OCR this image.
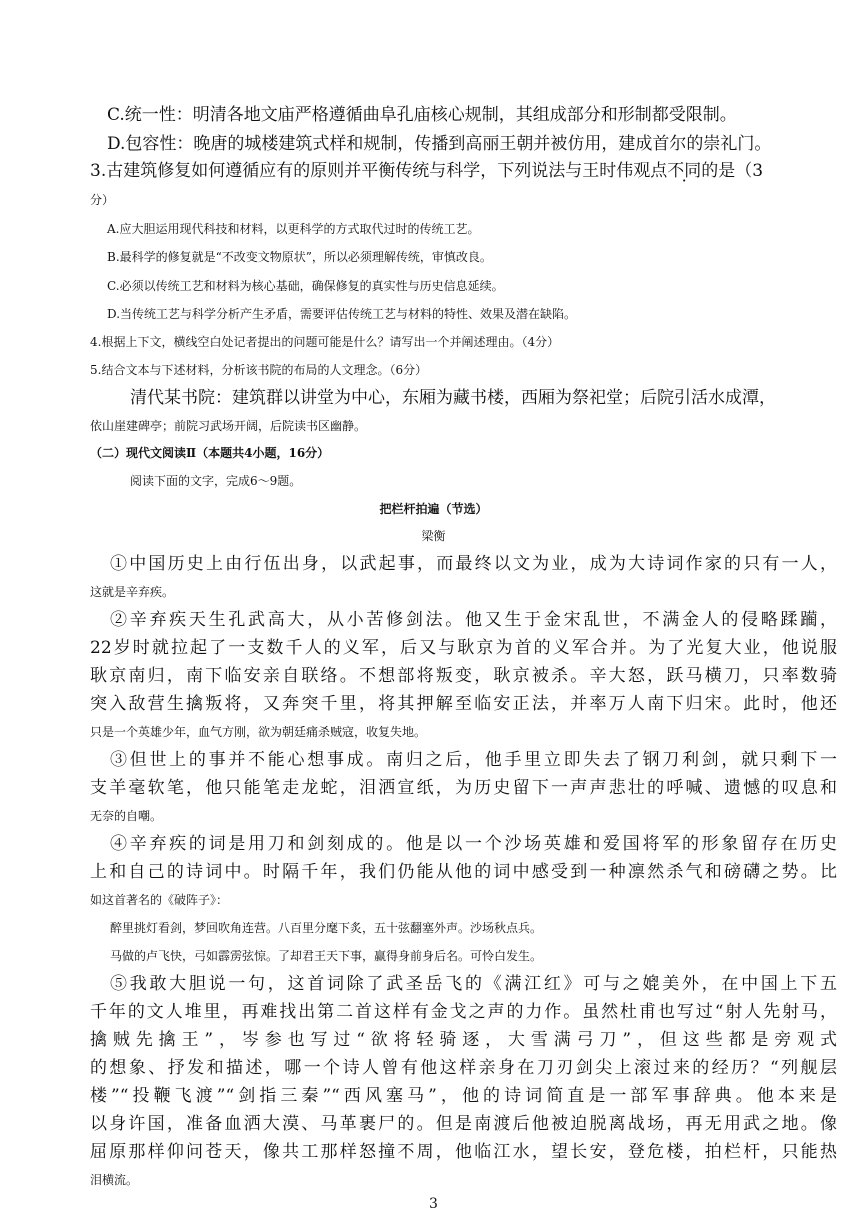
C.统一性：明清各地文庙严格遵循曲阜孔庙核心规制，其组成部分和形制都受限制。
D.包容性：晚唐的城楼建筑式样和规制，传播到高丽王朝并被仿用，建成首尔的崇礼门。
3.古建筑修复如何遵循应有的原则并平衡传统与科学，下列说法与王时伟观点不同的是（3
分）
A.应大胆运用现代科技和材料，以更科学的方式取代过时的传统工艺。
B.最科学的修复就是“不改变文物原状”，所以必须理解传统，审慎改良。
C.必须以传统工艺和材料为核心基础，确保修复的真实性与历史信息延续。
D.当传统工艺与科学分析产生矛盾，需要评估传统工艺与材料的特性、效果及潜在缺陷。
4.根据上下文，横线空白处记者提出的问题可能是什么？请写出一个并阐述理由。（4分）
5.结合文本与下述材料，分析该书院的布局的人文理念。（6分）
清代某书院：建筑群以讲堂为中心，东厢为藏书楼，西厢为祭祀堂；后院引活水成潭，
依山崖建碑亭；前院习武场开阔，后院读书区幽静。
（二）现代文阅读Ⅱ（本题共4小题，16分）
阅读下面的文字，完成6～9题。
把栏杆拍遍（节选）
梁衡
①中国历史上由行伍出身，以武起事，而最终以文为业，成为大诗词作家的只有一人，
这就是辛弃疾。
②辛弃疾天生孔武高大，从小苦修剑法。他又生于金宋乱世，不满金人的侵略蹂躏，
22岁时就拉起了一支数千人的义军，后又与耿京为首的义军合并。为了光复大业，他说服
耿京南归，南下临安亲自联络。不想部将叛变，耿京被杀。辛大怒，跃马横刀，只率数骑
突入敌营生擒叛将，又奔突千里，将其押解至临安正法，并率万人南下归宋。此时，他还
只是一个英雄少年，血气方刚，欲为朝廷痛杀贼寇，收复失地。
③但世上的事并不能心想事成。南归之后，他手里立即失去了钢刀利剑，就只剩下一
支羊毫软笔，他只能笔走龙蛇，泪洒宣纸，为历史留下一声声悲壮的呼喊、遗憾的叹息和
无奈的自嘲。
④辛弃疾的词是用刀和剑刻成的。他是以一个沙场英雄和爱国将军的形象留存在历史
上和自己的诗词中。时隔千年，我们仍能从他的词中感受到一种凛然杀气和磅礴之势。比
如这首著名的《破阵子》：
醉里挑灯看剑，梦回吹角连营。八百里分麾下炙，五十弦翻塞外声。沙场秋点兵。
马做的卢飞快，弓如霹雳弦惊。了却君王天下事，赢得身前身后名。可怜白发生。
⑤我敢大胆说一句，这首词除了武圣岳飞的《满江红》可与之媲美外，在中国上下五
千年的文人堆里，再难找出第二首这样有金戈之声的力作。虽然杜甫也写过“射人先射马，
擒贼先擒王”，岑参也写过“欲将轻骑逐，大雪满弓刀”，但这些都是旁观式
的想象、抒发和描述，哪一个诗人曾有他这样亲身在刀刃剑尖上滚过来的经历？“列舰层
楼”“投鞭飞渡”“剑指三秦”“西风塞马”，他的诗词简直是一部军事辞典。他本来是
以身许国，准备血洒大漠、马革裹尸的。但是南渡后他被迫脱离战场，再无用武之地。像
屈原那样仰问苍天，像共工那样怒撞不周，他临江水，望长安，登危楼，拍栏杆，只能热
泪横流。
3
